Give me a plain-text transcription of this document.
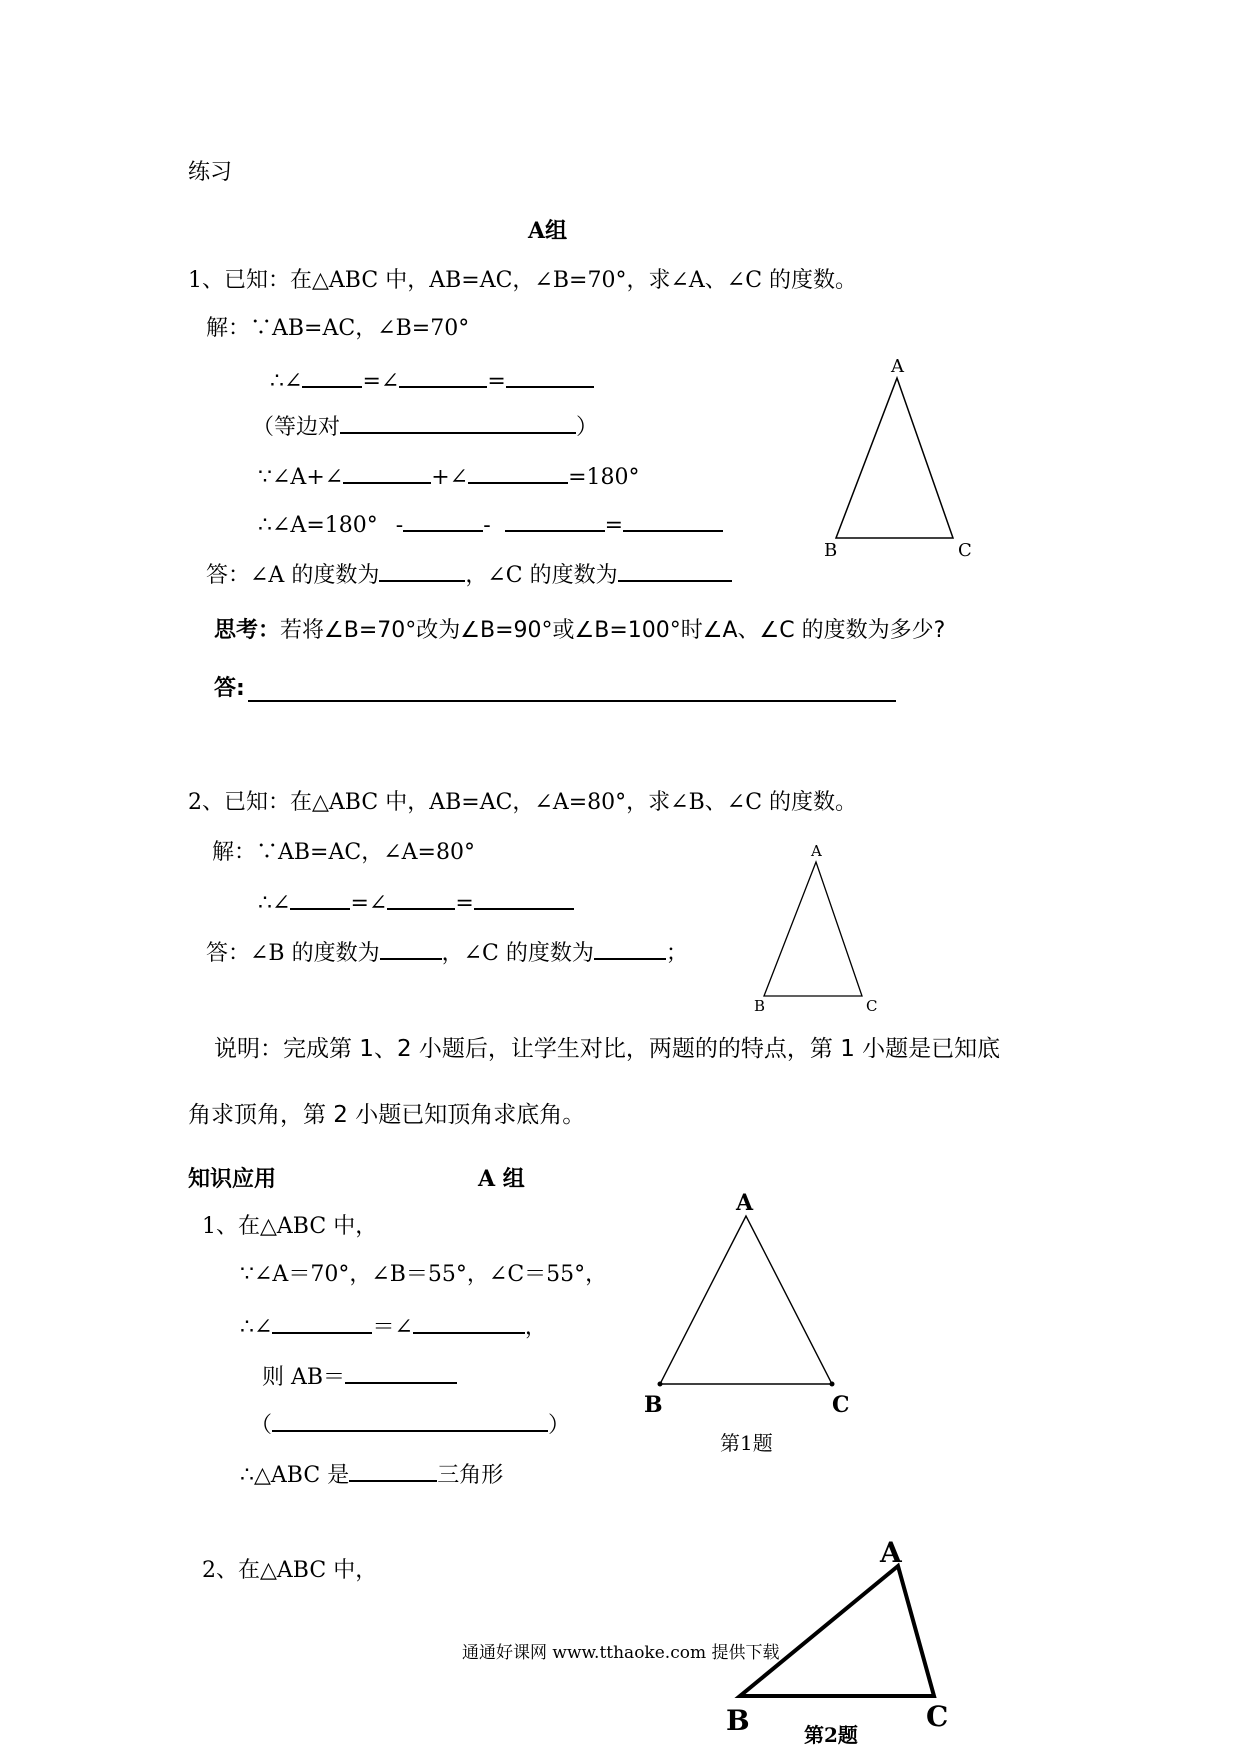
练习
A组
1、已知：在△ABC 中，AB=AC，∠B=70°，求∠A、∠C 的度数。
解：∵AB=AC，∠B=70°
∴∠	=∠	=
（等边对	）
∵∠A+∠	+∠	=180°
∴∠A=180° -	-	=
答：∠A 的度数为	，∠C 的度数为
思考：若将∠B=70°改为∠B=90°或∠B=100°时∠A、∠C 的度数为多少?
答:
A
B	C
2、已知：在△ABC 中，AB=AC，∠A=80°，求∠B、∠C 的度数。
解：∵AB=AC，∠A=80°
∴∠	=∠	=
答：∠B 的度数为	，∠C 的度数为	；
A
B	C
说明：完成第 1、2 小题后，让学生对比，两题的的特点，第 1 小题是已知底
角求顶角，第 2 小题已知顶角求底角。
知识应用	A 组
1、在△ABC 中，
∵∠A＝70°，∠B＝55°，∠C＝55°，
∴∠	＝∠	，
则 AB＝
（	）
∴△ABC 是	三角形
A
B	C
第1题
2、在△ABC 中，
A
B	C
第2题
通通好课网 www.tthaoke.com 提供下载
